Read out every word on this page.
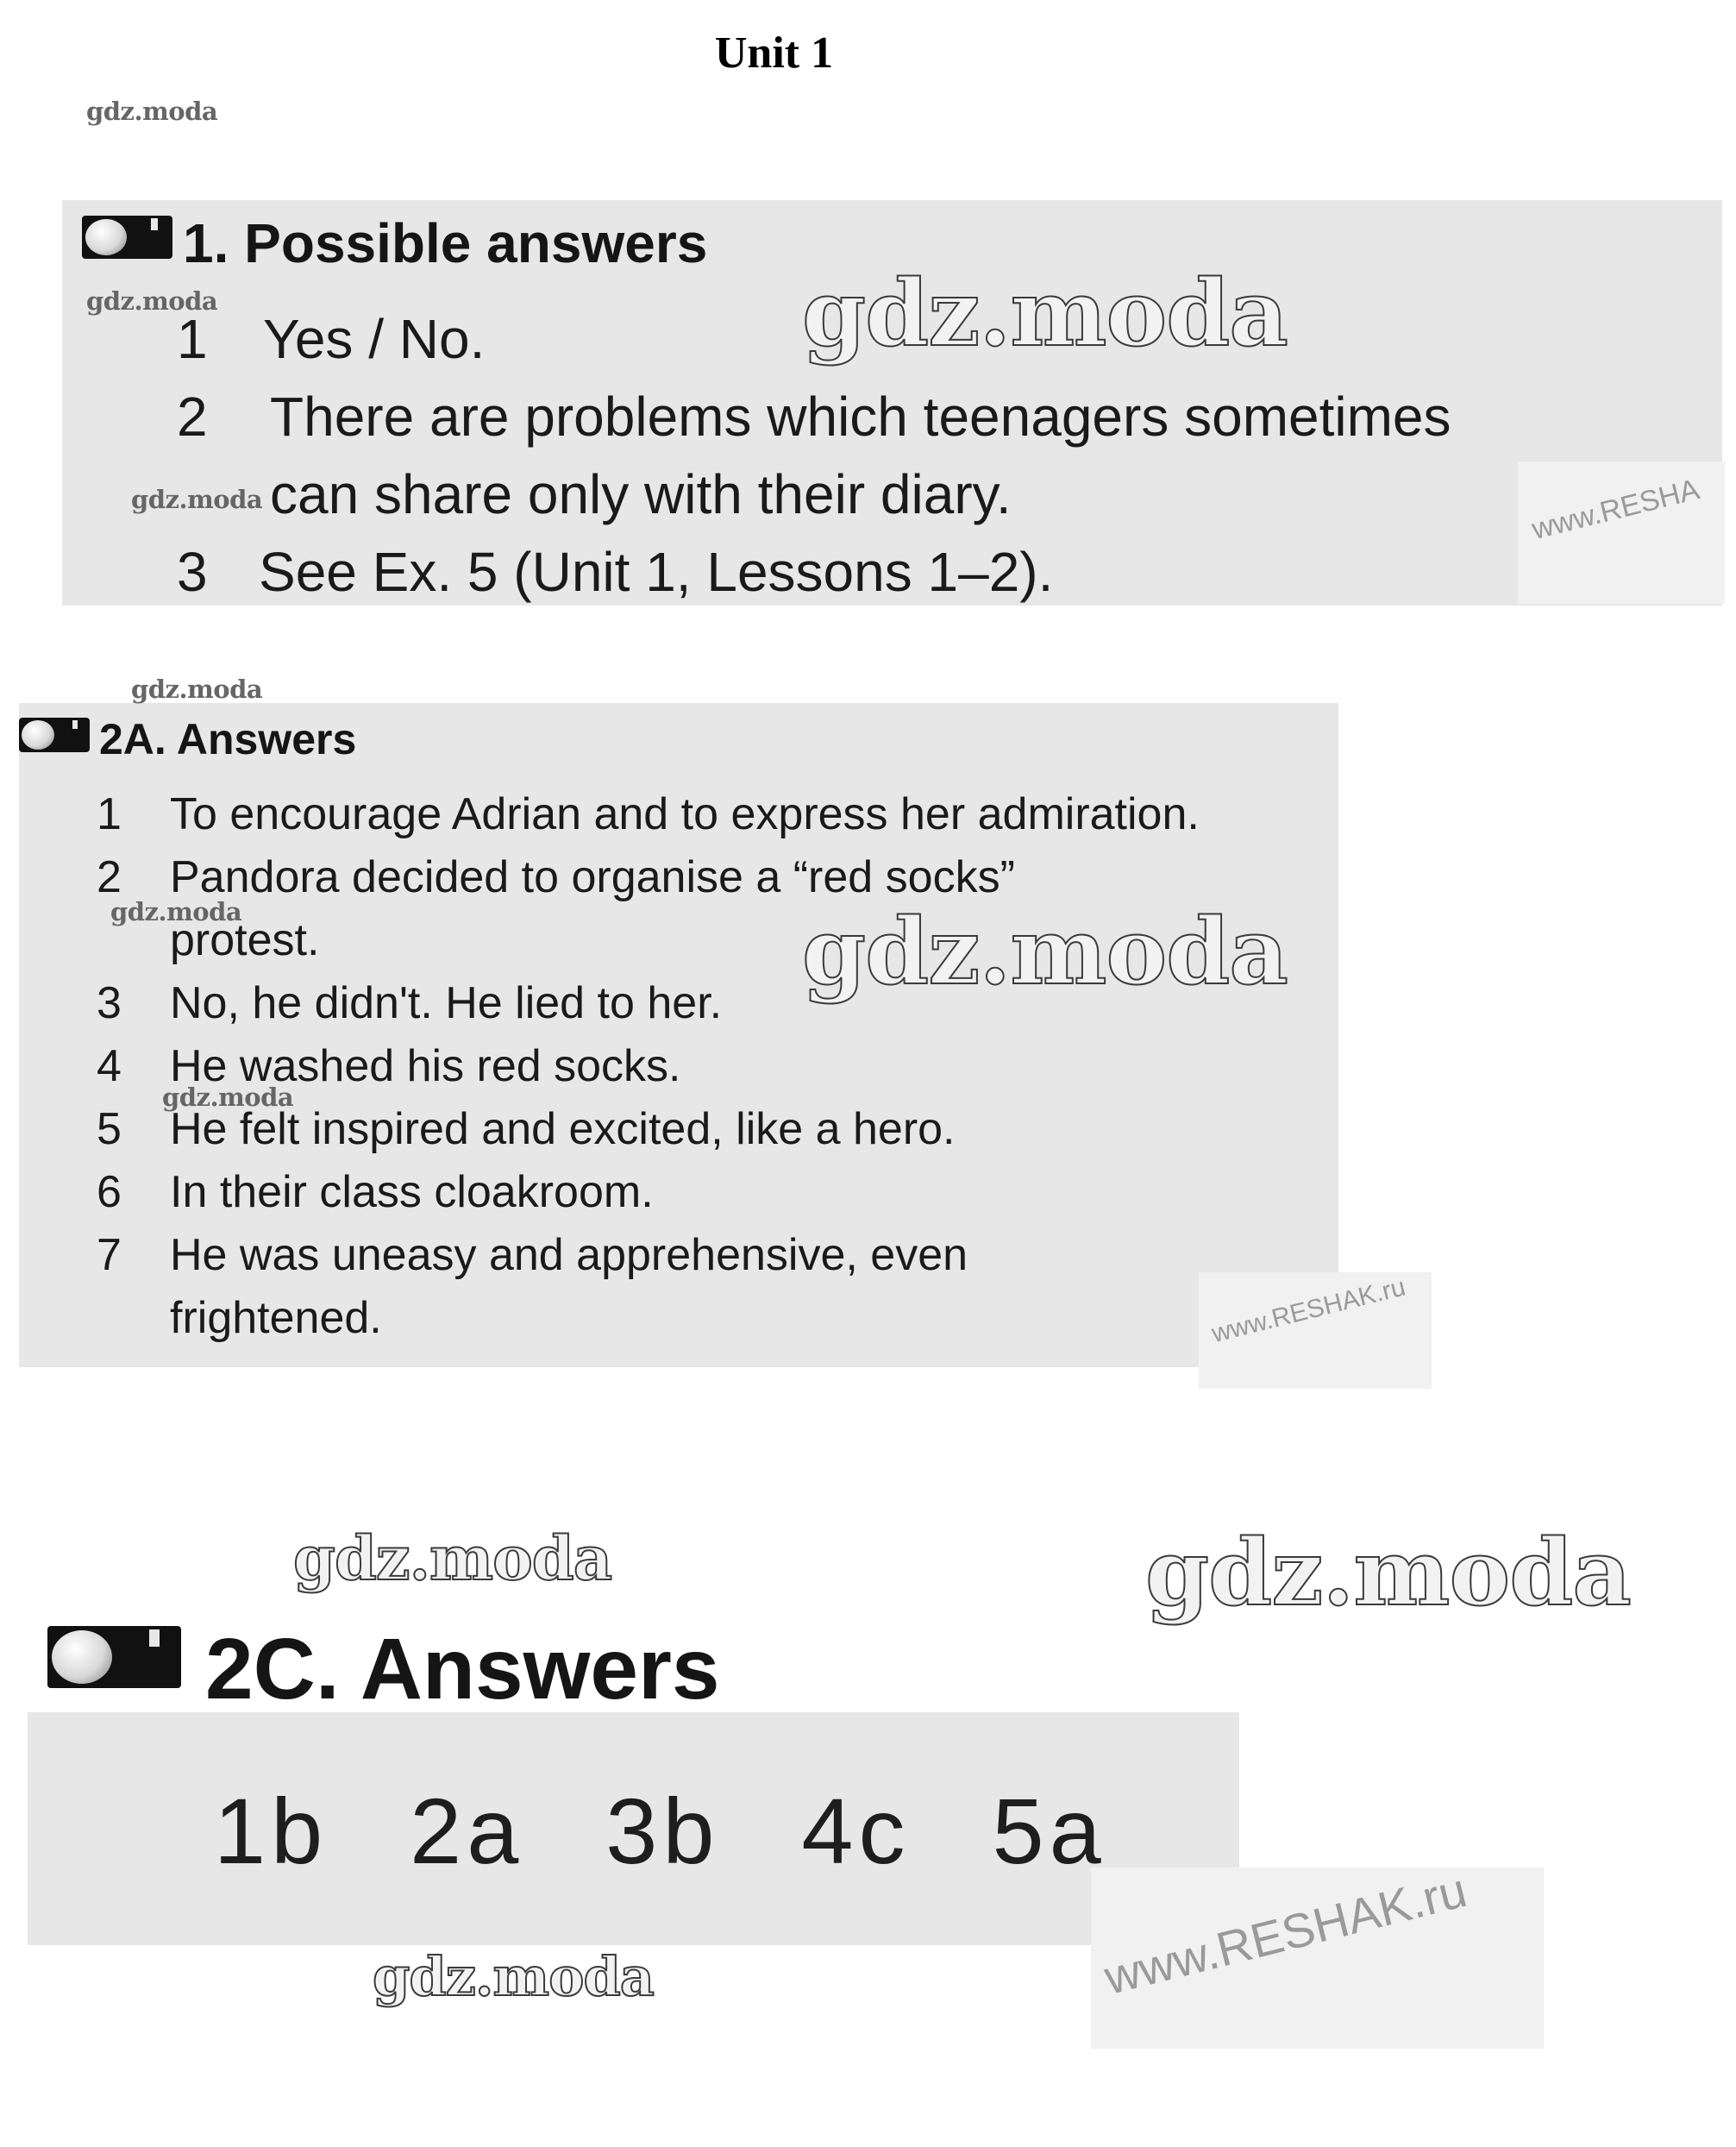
Unit 1
www.RESHA
1. Possible answers
1	Yes / No.
2	There are problems which teenagers sometimes
can share only with their diary.
3 See Ex. 5 (Unit 1, Lessons 1–2).
www.RESHAK.ru
2A. Answers
1	To encourage Adrian and to express her admiration.
2	Pandora decided to organise a “red socks”
protest.
3	No, he didn't. He lied to her.
4	He washed his red socks.
5	He felt inspired and excited, like a hero.
6	In their class cloakroom.
7	He was uneasy and apprehensive, even
frightened.
www.RESHAK.ru
2C. Answers
1b 2a 3b 4c 5a
gdz.moda
gdz.moda
gdz.moda
gdz.moda
gdz.moda
gdz.moda
gdz.moda
gdz.moda
gdz.moda	gdz.moda
gdz.moda
